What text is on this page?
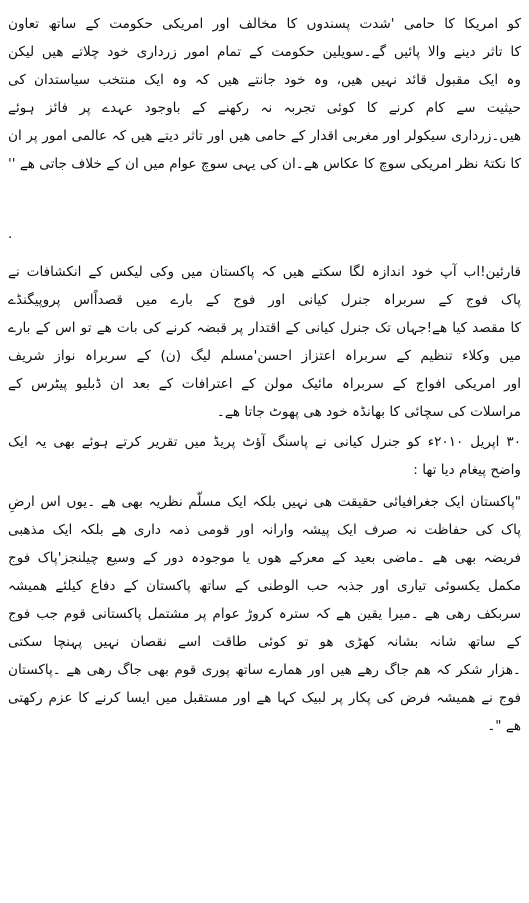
کو امریکا کا حامی 'شدت پسندوں کا مخالف اور امریکی حکومت کے ساتھ تعاون
کا تاثر دینے والا پائیں گے۔سویلین حکومت کے تمام امور زرداری خود چلاتے ھیں لیکن
وہ ایک مقبول قائد نہیں ھیں، وہ خود جانتے ھیں کہ وہ ایک منتخب سیاستدان کی
حیثیت سے کام کرنے کا کوئی تجربہ نہ رکھنے کے باوجود عہدے پر فائز ہوئے
ھیں۔زرداری سیکولر اور مغربی اقدار کے حامی ھیں اور تاثر دیتے ھیں کہ عالمی امور پر ان
کا نکتۂ نظر امریکی سوچ کا عکاس ھے۔ان کی یہی سوچ عوام میں ان کے خلاف جاتی ھے ''
.
قارئین!اب آپ خود اندازہ لگا سکتے ھیں کہ پاکستان میں وکی لیکس کے انکشافات نے
پاک فوج کے سربراہ جنرل کیانی اور فوج کے بارے میں قصداًاس پروپیگنڈے
کا مقصد کیا ھے!جہاں تک جنرل کیانی کے اقتدار پر قبضہ کرنے کی بات ھے تو اس کے بارے
میں وکلاء تنظیم کے سربراہ اعتزاز احسن'مسلم لیگ (ن) کے سربراہ نواز شریف
اور امریکی افواج کے سربراہ مائیک مولن کے اعترافات کے بعد ان ڈبلیو پیٹرس کے
مراسلات کی سچائی کا بھانڈہ خود ھی پھوٹ جاتا ھے۔
۳۰ اپریل ۲۰۱۰ء کو جنرل کیانی نے پاسنگ آؤٹ پریڈ میں تقریر کرتے ہوئے بھی یہ ایک
واضح پیغام دیا تھا :
"پاکستان ایک جغرافیائی حقیقت ھی نہیں بلکہ ایک مسلّم نظریہ بھی ھے ۔یوں اس ارضِ
پاک کی حفاظت نہ صرف ایک پیشہ وارانہ اور قومی ذمہ داری ھے بلکہ ایک مذھبی
فریضہ بھی ھے ۔ماضی بعید کے معرکے ھوں یا موجودہ دور کے وسیع چیلنجز'پاک فوج
مکمل یکسوئی تیاری اور جذبہ حب الوطنی کے ساتھ پاکستان کے دفاع کیلئے ھمیشہ
سربکف رھی ھے ۔میرا یقین ھے کہ سترہ کروڑ عوام پر مشتمل پاکستانی قوم جب فوج
کے ساتھ شانہ بشانہ کھڑی ھو تو کوئی طاقت اسے نقصان نہیں پہنچا سکتی
۔ھزار شکر کہ ھم جاگ رھے ھیں اور ھمارے ساتھ پوری قوم بھی جاگ رھی ھے ۔پاکستان
فوج نے ھمیشہ فرض کی پکار پر لبیک کہا ھے اور مستقبل میں ایسا کرنے کا عزم رکھتی
ھے "۔
